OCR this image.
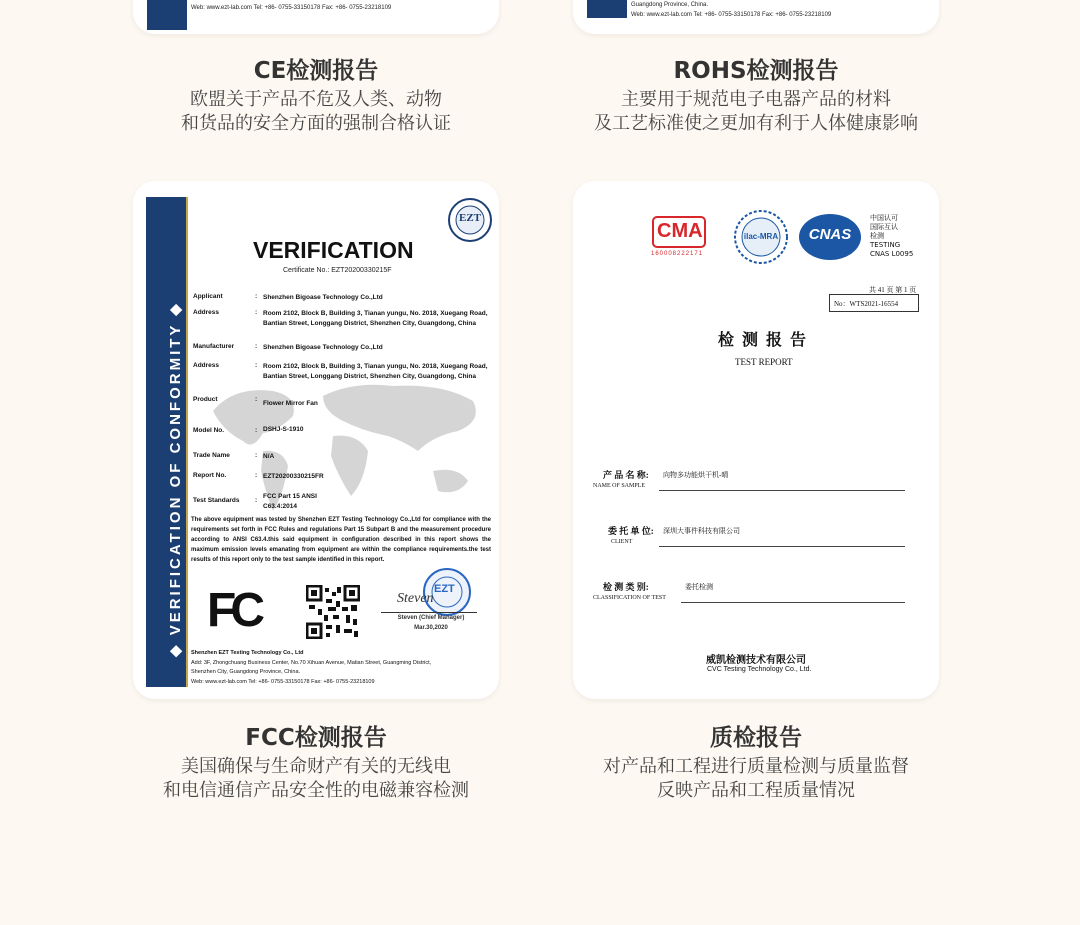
Web: www.ezt-lab.com Tel: +86- 0755-33150178 Fax: +86- 0755-23218109	Guangdong Province, China.
Web: www.ezt-lab.com Tel: +86- 0755-33150178 Fax: +86- 0755-23218109
CE检测报告
欧盟关于产品不危及人类、动物
和货品的安全方面的强制合格认证
ROHS检测报告
主要用于规范电子电器产品的材料
及工艺标准使之更加有利于人体健康影响
◆ VERIFICATION OF CONFORMITY ◆
EZT
VERIFICATION
Certificate No.: EZT20200330215F
Applicant	: Shenzhen Bigoase Technology Co.,Ltd
Address	: Room 2102, Block B, Building 3, Tianan yungu, No. 2018, Xuegang Road, Bantian Street, Longgang District, Shenzhen City, Guangdong, China
Manufacturer	: Shenzhen Bigoase Technology Co.,Ltd
Address	: Room 2102, Block B, Building 3, Tianan yungu, No. 2018, Xuegang Road, Bantian Street, Longgang District, Shenzhen City, Guangdong, China
Product	:
Flower Mirror Fan
Model No.	: DSHJ-S-1910
Trade Name	: N/A
Report No.	: EZT20200330215FR
Test Standards	:
FCC Part 15 ANSI C63.4:2014
The above equipment was tested by Shenzhen EZT Testing Technology Co.,Ltd for compliance with the requirements set forth in FCC Rules and regulations Part 15 Subpart B and the measurement procedure according to ANSI C63.4.this said equipment in configuration described in this report shows the maximum emission levels emanating from equipment are within the compliance requirements.the test results of this report only to the test sample identified in this report.
FC	EZT
Steven
Steven (Chief Manager)
Mar.30,2020
Shenzhen EZT Testing Technology Co., Ltd
Add: 3F, Zhongchuang Business Center, No.70 Xihuan Avenue, Matian Street, Guangming District,
Shenzhen City, Guangdong Province, China.
Web: www.ezt-lab.com Tel: +86- 0755-33150178 Fax: +86- 0755-23218109
CMA
160008222171
ilac-MRA	CNAS
中国认可
国际互认
检测
TESTING
CNAS L0095
共 41 页 第 1 页
No：WTS2021-16554
检 测 报 告
TEST REPORT
产 品 名 称:
NAME OF SAMPLE
向物多功能烘干机-晴
委 托 单 位:
CLIENT
深圳大事件科技有限公司
检 测 类 别:
CLASSIFICATION OF TEST
委托检测
威凯检测技术有限公司
CVC Testing Technology Co., Ltd.
FCC检测报告
美国确保与生命财产有关的无线电
和电信通信产品安全性的电磁兼容检测
质检报告
对产品和工程进行质量检测与质量监督
反映产品和工程质量情况
